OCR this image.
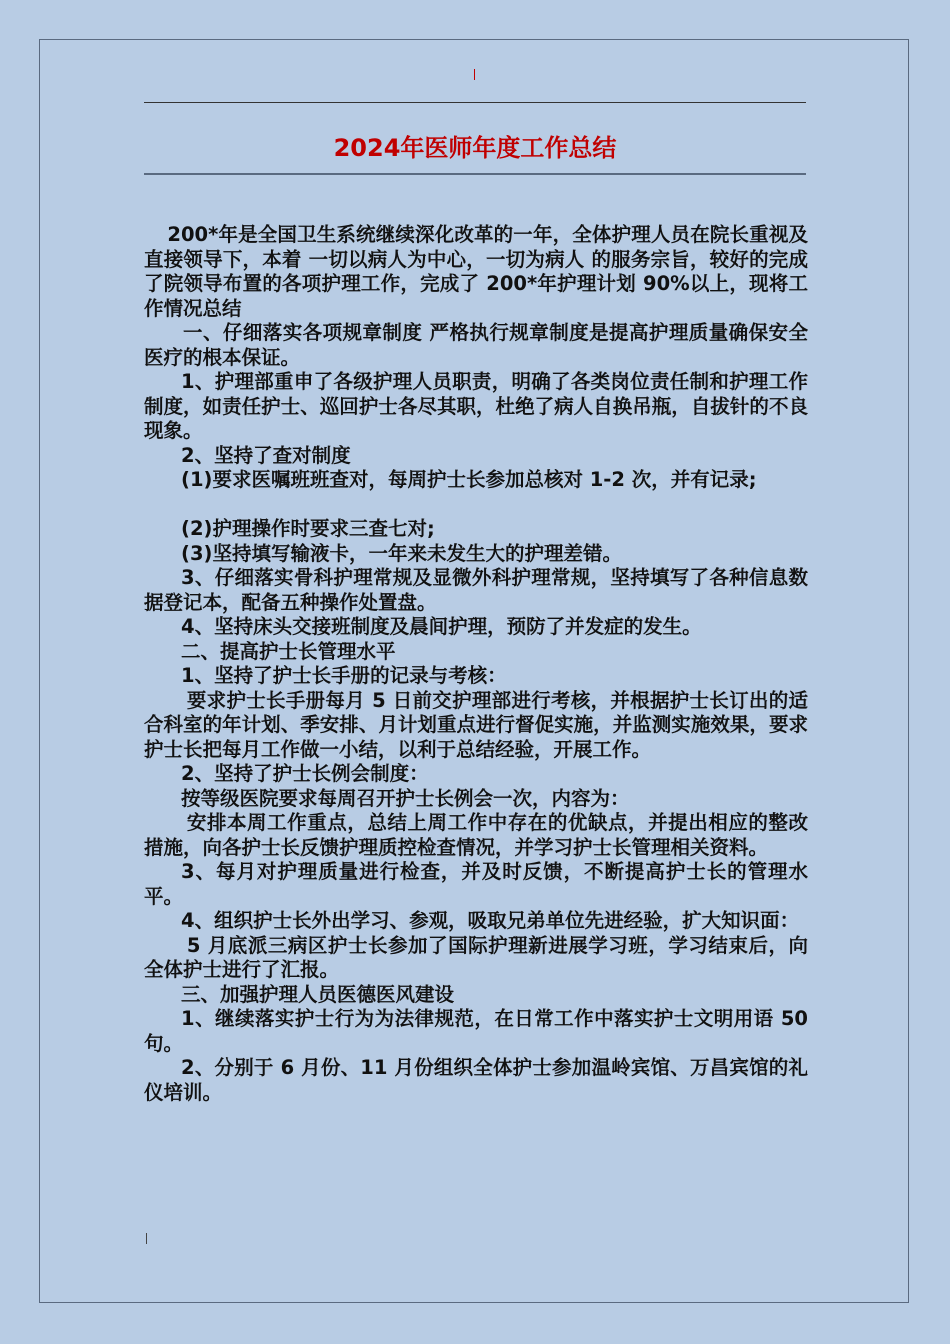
2024年医师年度工作总结

200*年是全国卫生系统继续深化改革的一年，全体护理人员在院长重视及直接领导下，本着 一切以病人为中心，一切为病人 的服务宗旨，较好的完成了院领导布置的各项护理工作，完成了 200*年护理计划 90%以上，现将工作情况总结

一、仔细落实各项规章制度 严格执行规章制度是提高护理质量确保安全医疗的根本保证。

1、护理部重申了各级护理人员职责，明确了各类岗位责任制和护理工作制度，如责任护士、巡回护士各尽其职，杜绝了病人自换吊瓶，自拔针的不良现象。

2、坚持了查对制度

(1)要求医嘱班班查对，每周护士长参加总核对 1-2 次，并有记录;

(2)护理操作时要求三查七对;

(3)坚持填写输液卡，一年来未发生大的护理差错。

3、仔细落实骨科护理常规及显微外科护理常规，坚持填写了各种信息数据登记本，配备五种操作处置盘。

4、坚持床头交接班制度及晨间护理，预防了并发症的发生。

二、提高护士长管理水平

1、坚持了护士长手册的记录与考核：

要求护士长手册每月 5 日前交护理部进行考核，并根据护士长订出的适合科室的年计划、季安排、月计划重点进行督促实施，并监测实施效果，要求护士长把每月工作做一小结，以利于总结经验，开展工作。

2、坚持了护士长例会制度：

按等级医院要求每周召开护士长例会一次，内容为：

安排本周工作重点，总结上周工作中存在的优缺点，并提出相应的整改措施，向各护士长反馈护理质控检查情况，并学习护士长管理相关资料。

3、每月对护理质量进行检查，并及时反馈，不断提高护士长的管理水平。

4、组织护士长外出学习、参观，吸取兄弟单位先进经验，扩大知识面：

5 月底派三病区护士长参加了国际护理新进展学习班，学习结束后，向全体护士进行了汇报。

三、加强护理人员医德医风建设

1、继续落实护士行为为法律规范，在日常工作中落实护士文明用语 50 句。

2、分别于 6 月份、11 月份组织全体护士参加温岭宾馆、万昌宾馆的礼仪培训。
